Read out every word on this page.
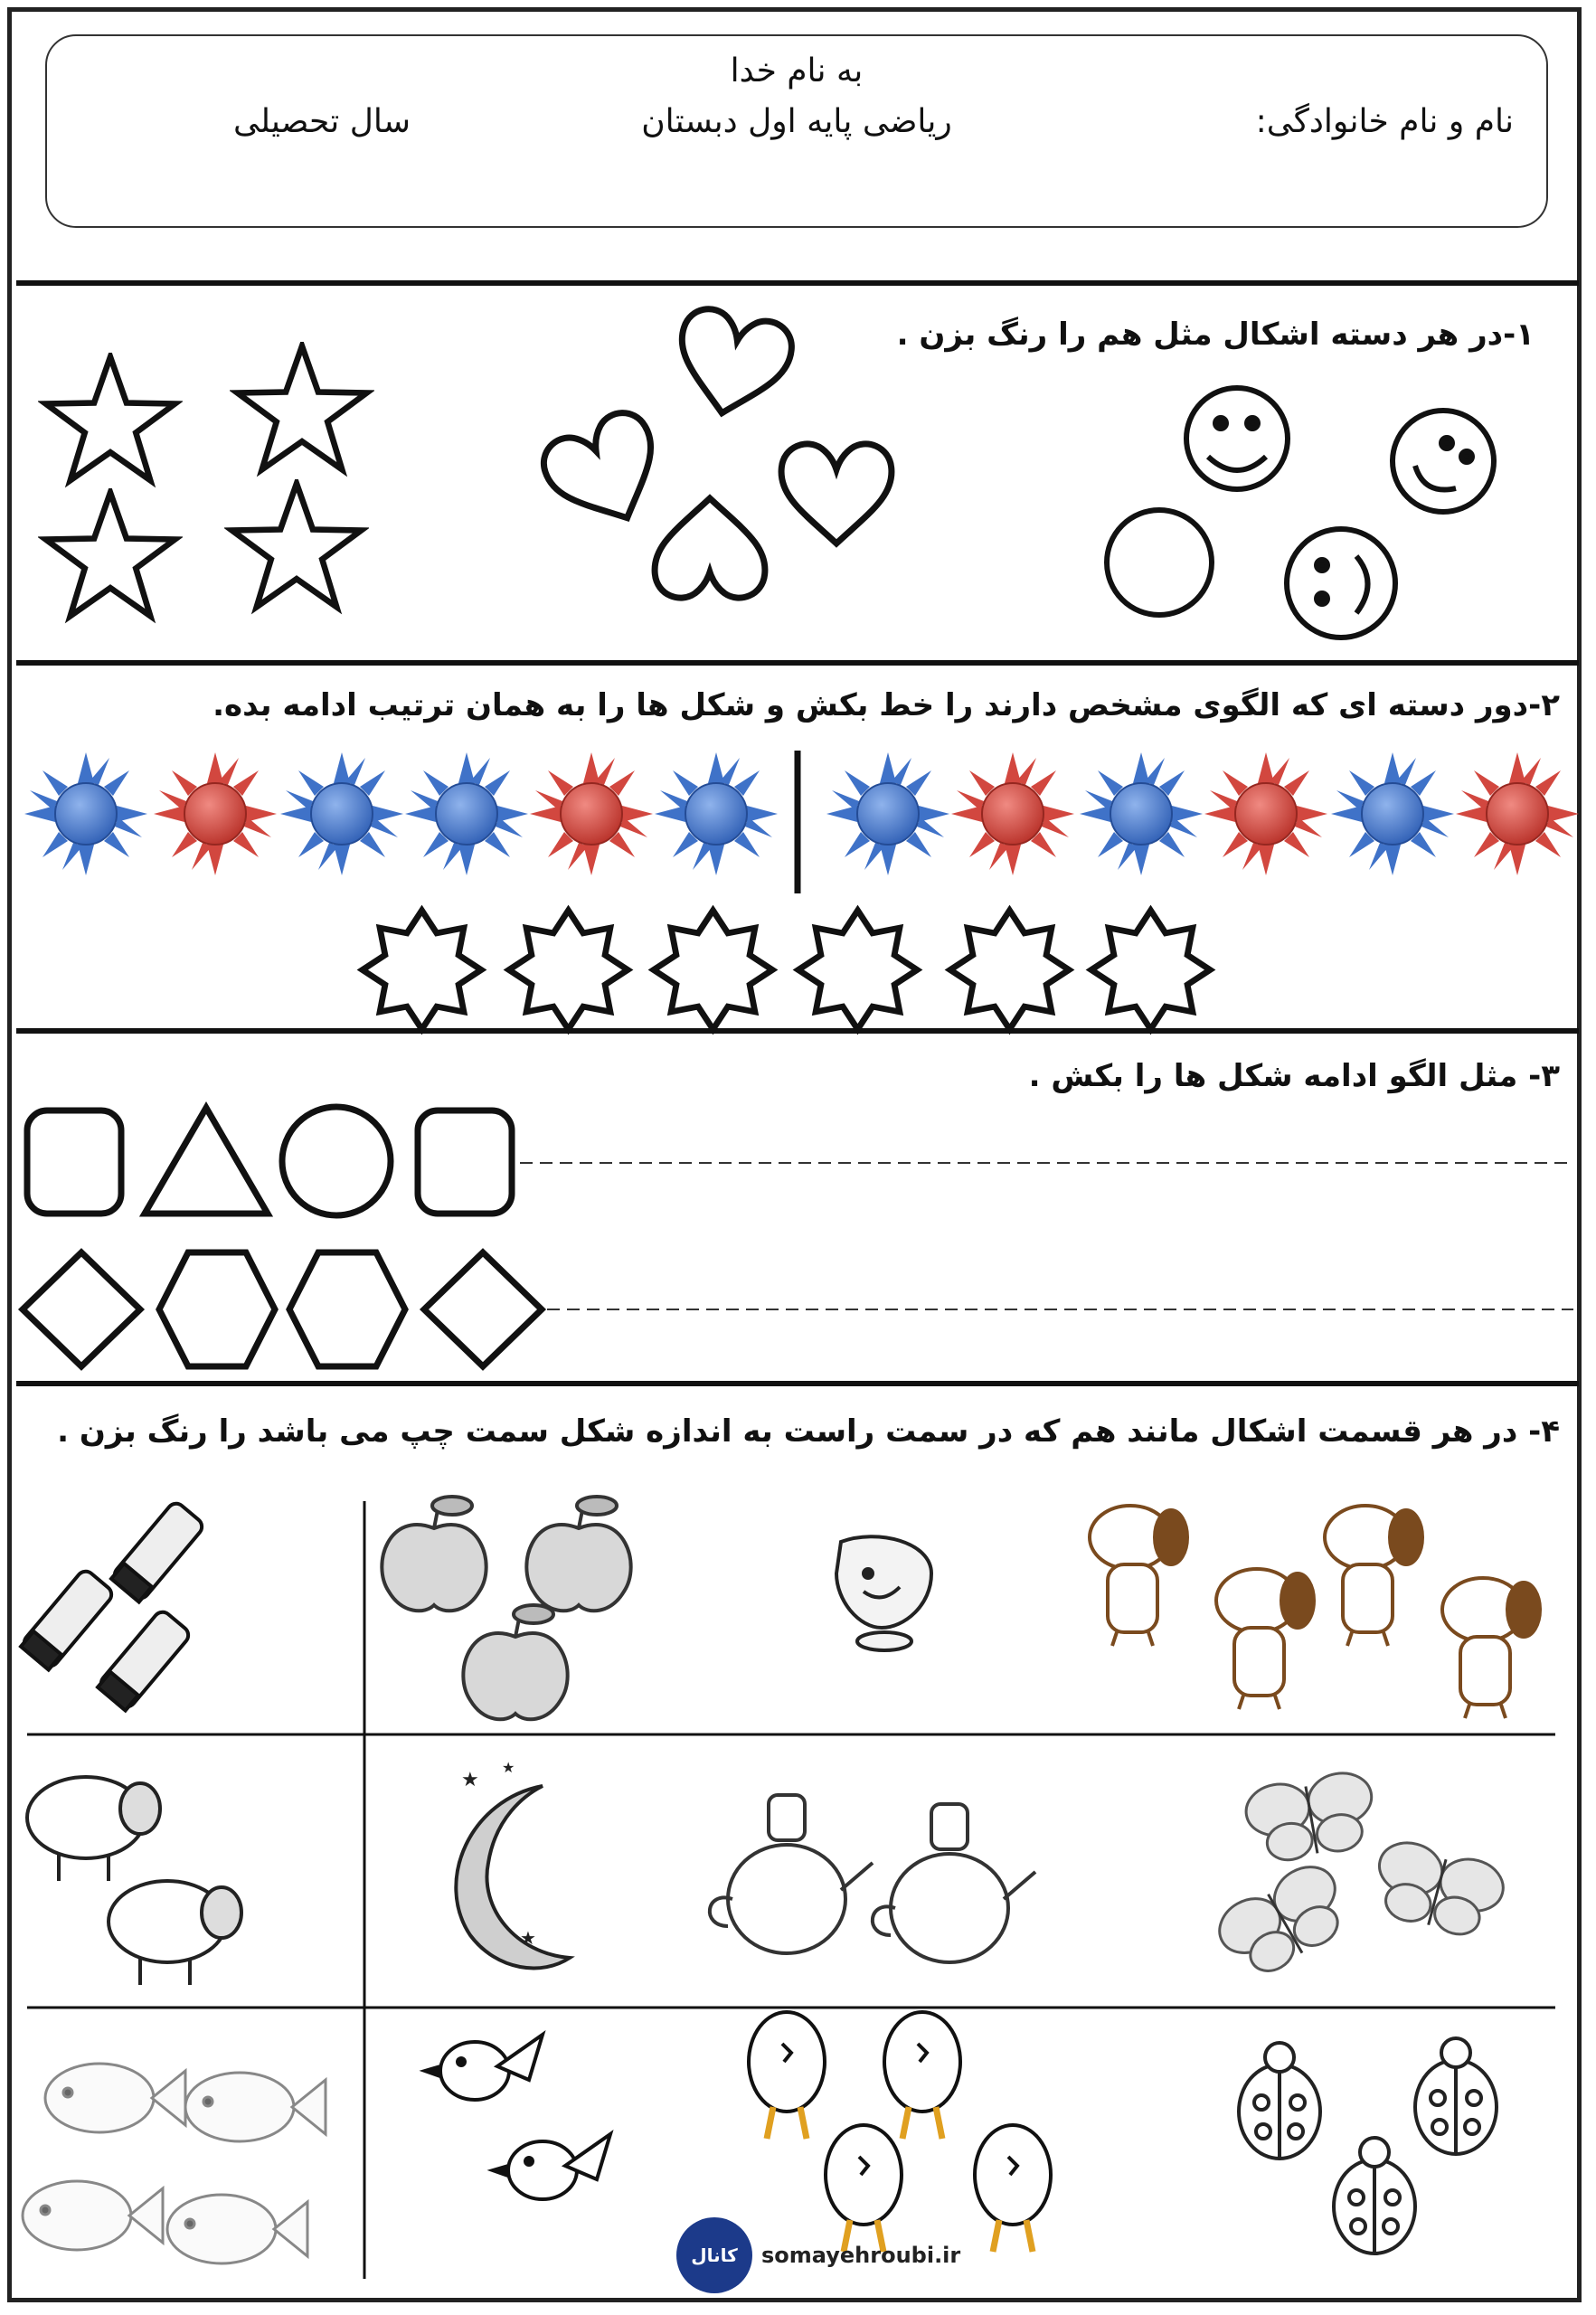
به نام خدا
نام و نام خانوادگی:
ریاضی پایه اول دبستان
سال تحصیلی
۱-در هر دسته اشکال مثل هم را رنگ بزن .
۲-دور دسته ای که الگوی مشخص دارند را خط بکش و شکل ها را به همان ترتیب ادامه بده.
۳- مثل الگو ادامه شکل ها را بکش .
۴- در هر قسمت اشکال مانند هم که در سمت راست به اندازه شکل سمت چپ می باشد را رنگ بزن .
★
★
★
کانال somayehroubi.ir
